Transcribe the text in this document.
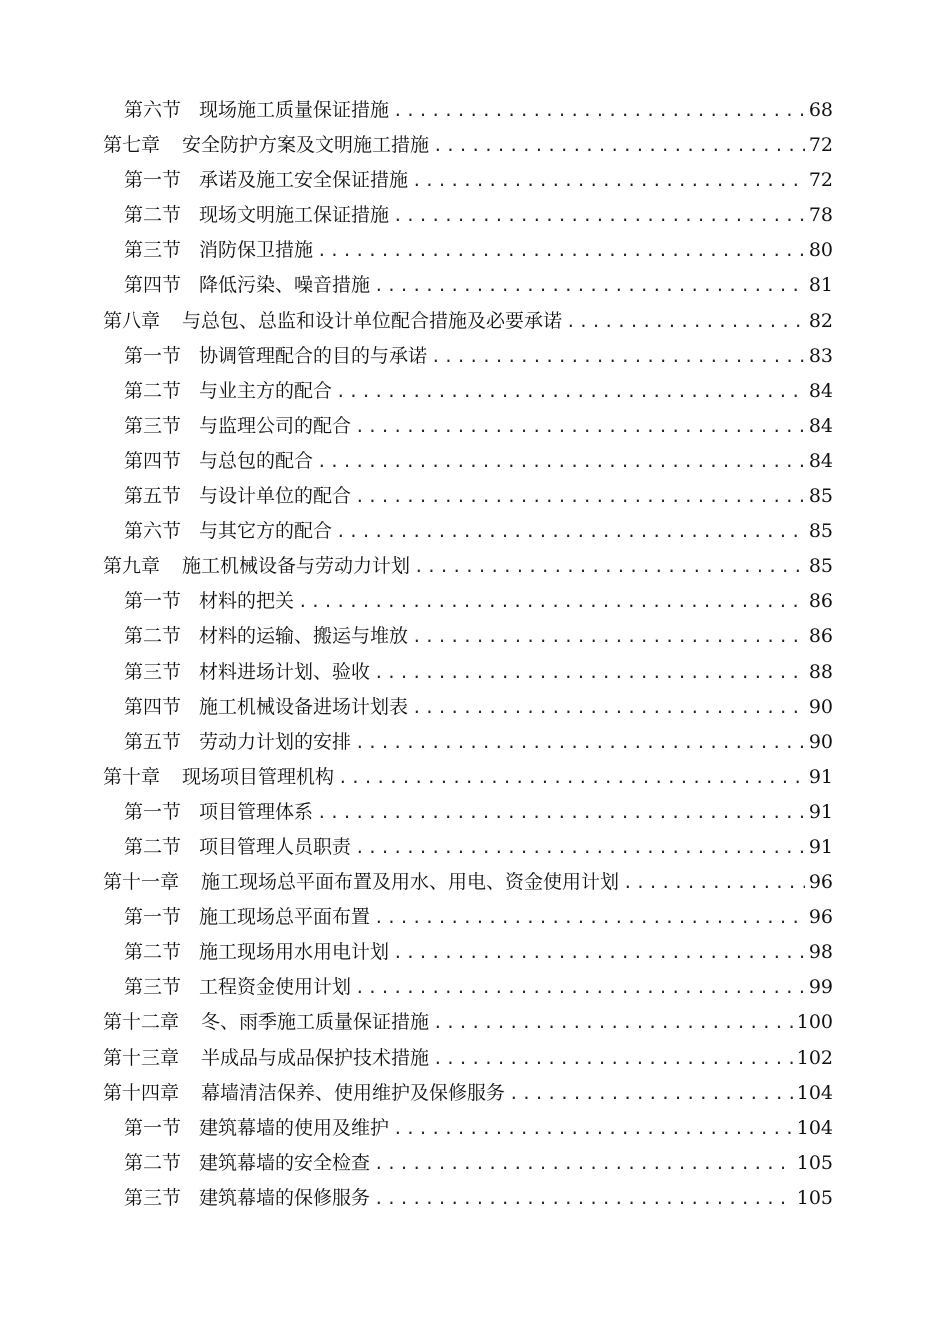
第六节 现场施工质量保证措施 .....	68
第七章 安全防护方案及文明施工措施 .....	72
第一节 承诺及施工安全保证措施 .....	72
第二节 现场文明施工保证措施 .....	78
第三节 消防保卫措施 .....	80
第四节 降低污染、噪音措施 .....	81
第八章 与总包、总监和设计单位配合措施及必要承诺 .....	82
第一节 协调管理配合的目的与承诺 .....	83
第二节 与业主方的配合 .....	84
第三节 与监理公司的配合 .....	84
第四节 与总包的配合 .....	84
第五节 与设计单位的配合 .....	85
第六节 与其它方的配合 .....	85
第九章 施工机械设备与劳动力计划 .....	85
第一节 材料的把关 .....	86
第二节 材料的运输、搬运与堆放 .....	86
第三节 材料进场计划、验收 .....	88
第四节 施工机械设备进场计划表 .....	90
第五节 劳动力计划的安排 .....	90
第十章 现场项目管理机构 .....	91
第一节 项目管理体系 .....	91
第二节 项目管理人员职责 .....	91
第十一章 施工现场总平面布置及用水、用电、资金使用计划 .....	96
第一节 施工现场总平面布置 .....	96
第二节 施工现场用水用电计划 .....	98
第三节 工程资金使用计划 .....	99
第十二章 冬、雨季施工质量保证措施 .....	100
第十三章 半成品与成品保护技术措施 .....	102
第十四章 幕墙清洁保养、使用维护及保修服务 .....	104
第一节 建筑幕墙的使用及维护 .....	104
第二节 建筑幕墙的安全检查 .....	105
第三节 建筑幕墙的保修服务 .....	105
